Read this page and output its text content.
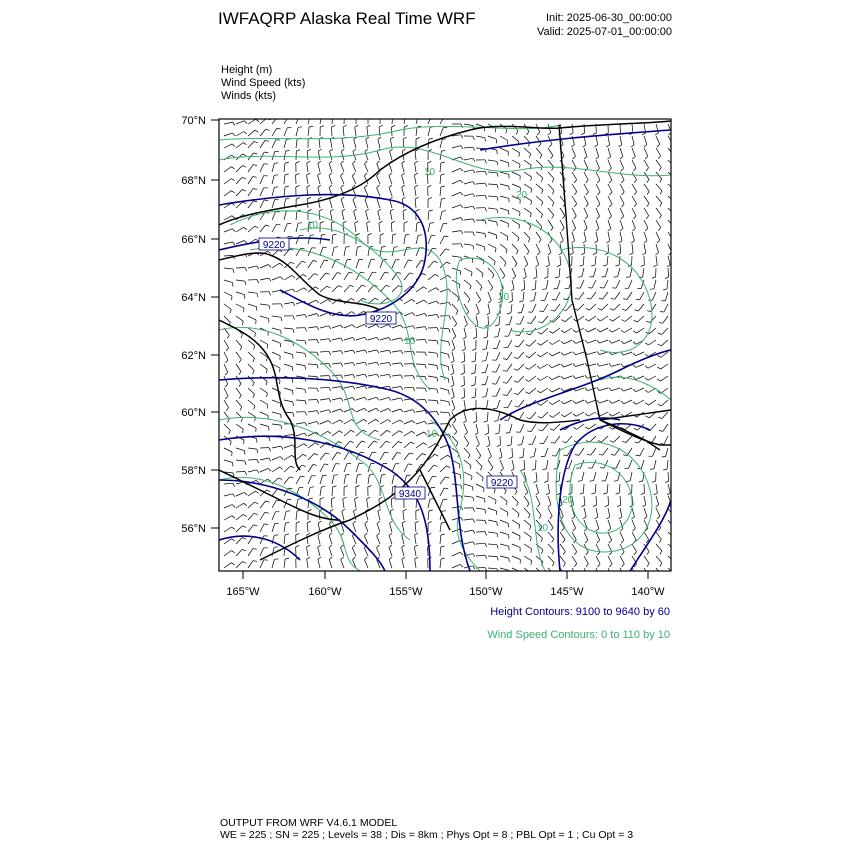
IWFAQRP Alaska Real Time WRF	Init: 2025-06-30_00:00:00
Valid: 2025-07-01_00:00:00
Height (m)
Wind Speed (kts)
Winds (kts)
9220
9220
9220
9340
10
20
10
10
20
10
20
10
70°N
68°N
66°N
64°N
62°N
60°N
58°N
56°N
165°W	160°W	155°W	150°W	145°W	140°W
Height Contours: 9100 to 9640 by 60
Wind Speed Contours: 0 to 110 by 10
OUTPUT FROM WRF V4.6.1 MODEL
WE = 225 ; SN = 225 ; Levels = 38 ; Dis = 8km ; Phys Opt = 8 ; PBL Opt = 1 ; Cu Opt = 3
